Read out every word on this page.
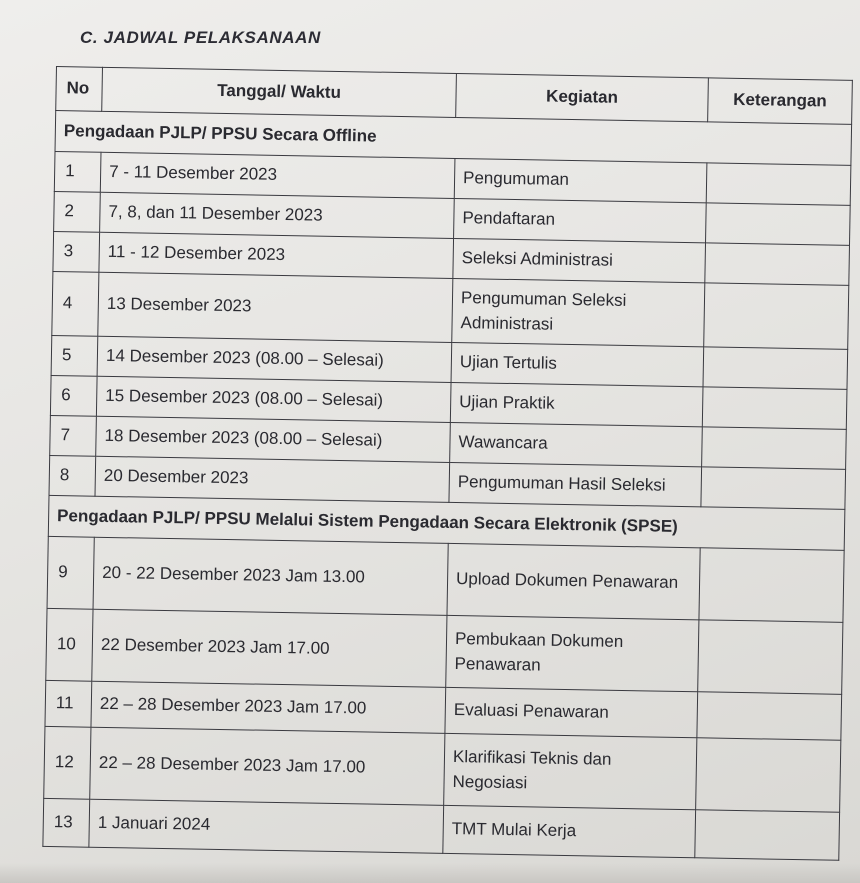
C. JADWAL PELAKSANAAN
No	Tanggal/ Waktu	Kegiatan	Keterangan
Pengadaan PJLP/ PPSU Secara Offline			
1	7 - 11 Desember 2023	Pengumuman	
2	7, 8, dan 11 Desember 2023	Pendaftaran	
3	11 - 12 Desember 2023	Seleksi Administrasi	
4	13 Desember 2023	Pengumuman Seleksi Administrasi	
5	14 Desember 2023 (08.00 – Selesai)	Ujian Tertulis	
6	15 Desember 2023 (08.00 – Selesai)	Ujian Praktik	
7	18 Desember 2023 (08.00 – Selesai)	Wawancara	
8	20 Desember 2023	Pengumuman Hasil Seleksi	
Pengadaan PJLP/ PPSU Melalui Sistem Pengadaan Secara Elektronik (SPSE)			
9	20 - 22 Desember 2023 Jam 13.00	Upload Dokumen Penawaran	
10	22 Desember 2023 Jam 17.00	Pembukaan Dokumen Penawaran	
11	22 – 28 Desember 2023 Jam 17.00	Evaluasi Penawaran	
12	22 – 28 Desember 2023 Jam 17.00	Klarifikasi Teknis dan Negosiasi	
13	1 Januari 2024	TMT Mulai Kerja	
